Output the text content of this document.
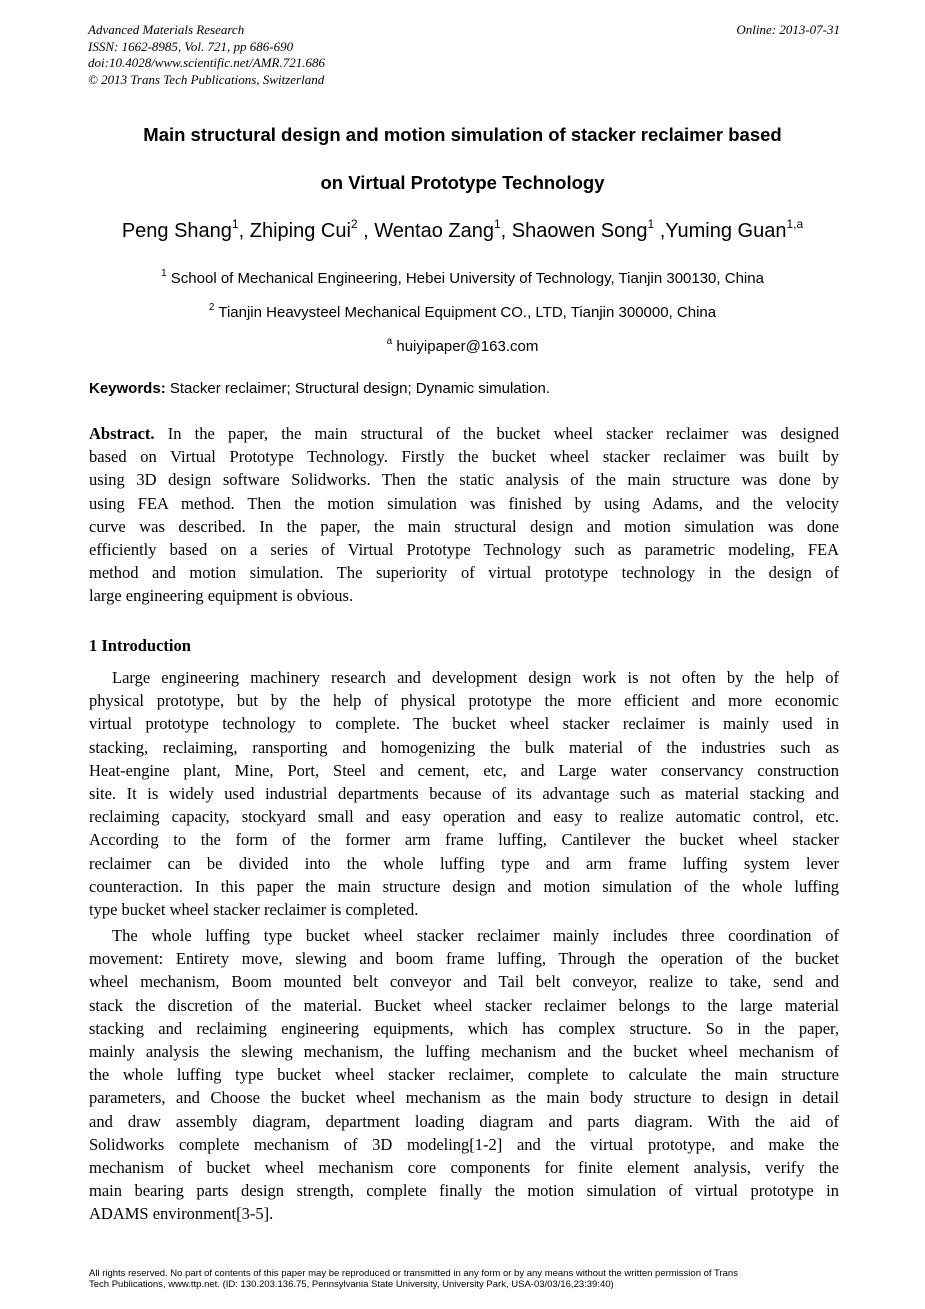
Advanced Materials Research
ISSN: 1662-8985, Vol. 721, pp 686-690
doi:10.4028/www.scientific.net/AMR.721.686
© 2013 Trans Tech Publications, Switzerland
Online: 2013-07-31
Main structural design and motion simulation of stacker reclaimer based
on Virtual Prototype Technology
Peng Shang$^1$, Zhiping Cui$^2$ , Wentao Zang$^1$, Shaowen Song$^1$ ,Yuming Guan$^{1,a}$
$^1$ School of Mechanical Engineering, Hebei University of Technology, Tianjin 300130, China
$^2$ Tianjin Heavysteel Mechanical Equipment CO., LTD, Tianjin 300000, China
$^a$ huiyipaper@163.com
Keywords: Stacker reclaimer; Structural design; Dynamic simulation.
Abstract. In the paper, the main structural of the bucket wheel stacker reclaimer was designed
based on Virtual Prototype Technology. Firstly the bucket wheel stacker reclaimer was built by
using 3D design software Solidworks. Then the static analysis of the main structure was done by
using FEA method. Then the motion simulation was finished by using Adams, and the velocity
curve was described. In the paper, the main structural design and motion simulation was done
efficiently based on a series of Virtual Prototype Technology such as parametric modeling, FEA
method and motion simulation. The superiority of virtual prototype technology in the design of
large engineering equipment is obvious.
1 Introduction
Large engineering machinery research and development design work is not often by the help of
physical prototype, but by the help of physical prototype the more efficient and more economic
virtual prototype technology to complete. The bucket wheel stacker reclaimer is mainly used in
stacking, reclaiming, ransporting and homogenizing the bulk material of the industries such as
Heat-engine plant, Mine, Port, Steel and cement, etc, and Large water conservancy construction
site. It is widely used industrial departments because of its advantage such as material stacking and
reclaiming capacity, stockyard small and easy operation and easy to realize automatic control, etc.
According to the form of the former arm frame luffing, Cantilever the bucket wheel stacker
reclaimer can be divided into the whole luffing type and arm frame luffing system lever
counteraction. In this paper the main structure design and motion simulation of the whole luffing
type bucket wheel stacker reclaimer is completed.
The whole luffing type bucket wheel stacker reclaimer mainly includes three coordination of
movement: Entirety move, slewing and boom frame luffing, Through the operation of the bucket
wheel mechanism, Boom mounted belt conveyor and Tail belt conveyor, realize to take, send and
stack the discretion of the material. Bucket wheel stacker reclaimer belongs to the large material
stacking and reclaiming engineering equipments, which has complex structure. So in the paper,
mainly analysis the slewing mechanism, the luffing mechanism and the bucket wheel mechanism of
the whole luffing type bucket wheel stacker reclaimer, complete to calculate the main structure
parameters, and Choose the bucket wheel mechanism as the main body structure to design in detail
and draw assembly diagram, department loading diagram and parts diagram. With the aid of
Solidworks complete mechanism of 3D modeling[1-2] and the virtual prototype, and make the
mechanism of bucket wheel mechanism core components for finite element analysis, verify the
main bearing parts design strength, complete finally the motion simulation of virtual prototype in
ADAMS environment[3-5].
All rights reserved. No part of contents of this paper may be reproduced or transmitted in any form or by any means without the written permission of Trans
Tech Publications, www.ttp.net. (ID: 130.203.136.75, Pennsylvania State University, University Park, USA-03/03/16,23:39:40)
